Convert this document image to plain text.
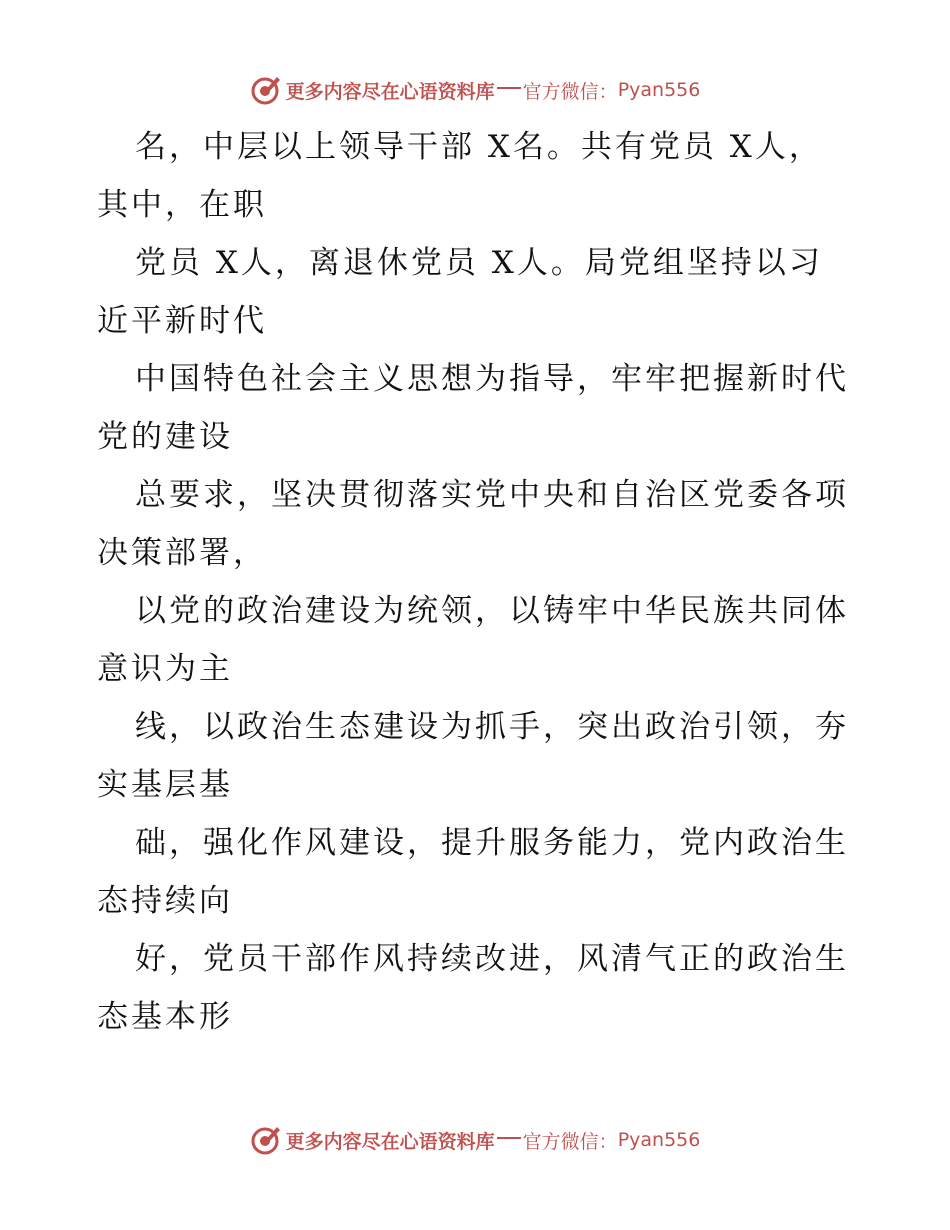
更多内容尽在心语资料库 官方微信： Pyan556
名，中层以上领导干部 X名。共有党员 X人，
其中，在职
党员 X人，离退休党员 X人。局党组坚持以习
近平新时代
中国特色社会主义思想为指导，牢牢把握新时代
党的建设
总要求，坚决贯彻落实党中央和自治区党委各项
决策部署，
以党的政治建设为统领，以铸牢中华民族共同体
意识为主
线，以政治生态建设为抓手，突出政治引领，夯
实基层基
础，强化作风建设，提升服务能力，党内政治生
态持续向
好，党员干部作风持续改进，风清气正的政治生
态基本形
更多内容尽在心语资料库 官方微信： Pyan556
